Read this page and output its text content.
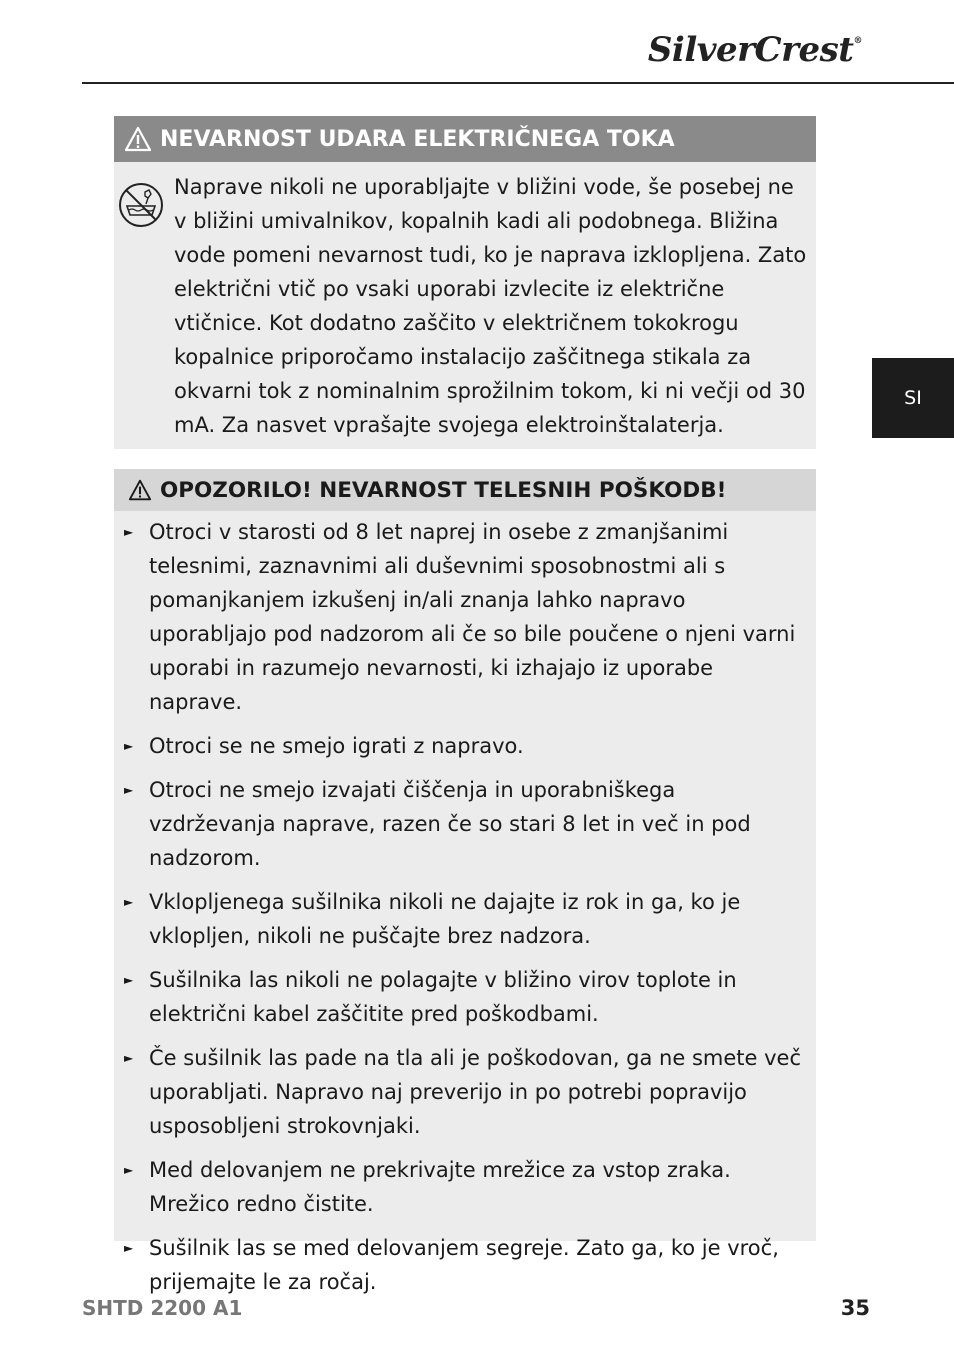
SilverCrest®
SI
NEVARNOST UDARA ELEKTRIČNEGA TOKA
Naprave nikoli ne uporabljajte v bližini vode, še posebej ne v bližini umivalnikov, kopalnih kadi ali podobnega. Bližina vode pomeni nevarnost tudi, ko je naprava izklopljena. Zato električni vtič po vsaki uporabi izvlecite iz električne vtičnice. Kot dodatno zaščito v električnem tokokrogu kopalnice priporočamo instalacijo zaščitnega stikala za okvarni tok z nominalnim sprožilnim tokom, ki ni večji od 30 mA. Za nasvet vprašajte svojega elektroinštalaterja.
OPOZORILO! NEVARNOST TELESNIH POŠKODB!
► Otroci v starosti od 8 let naprej in osebe z zmanjšanimi telesnimi, zaznavnimi ali duševnimi sposobnostmi ali s pomanjkanjem izkušenj in/ali znanja lahko napravo uporabljajo pod nadzorom ali če so bile poučene o njeni varni uporabi in razumejo nevarnosti, ki izhajajo iz uporabe naprave.
► Otroci se ne smejo igrati z napravo.
► Otroci ne smejo izvajati čiščenja in uporabniškega vzdrževanja naprave, razen če so stari 8 let in več in pod nadzorom.
► Vklopljenega sušilnika nikoli ne dajajte iz rok in ga, ko je vklopljen, nikoli ne puščajte brez nadzora.
► Sušilnika las nikoli ne polagajte v bližino virov toplote in električni kabel zaščitite pred poškodbami.
► Če sušilnik las pade na tla ali je poškodovan, ga ne smete več uporabljati. Napravo naj preverijo in po potrebi popravijo usposobljeni strokovnjaki.
► Med delovanjem ne prekrivajte mrežice za vstop zraka. Mrežico redno čistite.
► Sušilnik las se med delovanjem segreje. Zato ga, ko je vroč, prijemajte le za ročaj.
SHTD 2200 A1	35
